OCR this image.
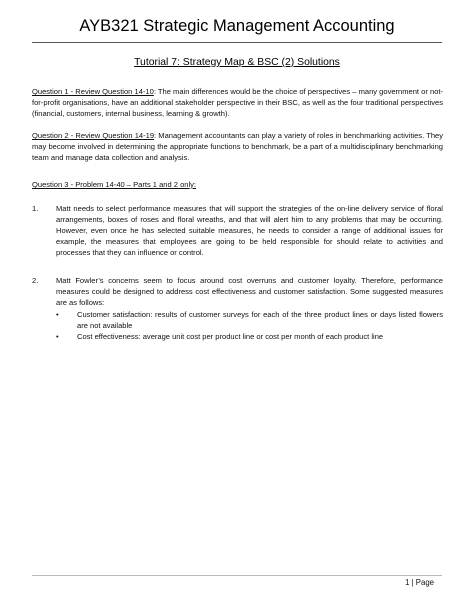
AYB321 Strategic Management Accounting
Tutorial 7: Strategy Map & BSC (2) Solutions
Question 1 - Review Question 14-10: The main differences would be the choice of perspectives – many government or not-for-profit organisations, have an additional stakeholder perspective in their BSC, as well as the four traditional perspectives (financial, customers, internal business, learning & growth).
Question 2 - Review Question 14-19: Management accountants can play a variety of roles in benchmarking activities. They may become involved in determining the appropriate functions to benchmark, be a part of a multidisciplinary benchmarking team and manage data collection and analysis.
Question 3 - Problem 14-40 – Parts 1 and 2 only:
1.	Matt needs to select performance measures that will support the strategies of the on-line delivery service of floral arrangements, boxes of roses and floral wreaths, and that will alert him to any problems that may be occurring. However, even once he has selected suitable measures, he needs to consider a range of additional issues for example, the measures that employees are going to be held responsible for should relate to activities and processes that they can influence or control.
2.	Matt Fowler’s concerns seem to focus around cost overruns and customer loyalty. Therefore, performance measures could be designed to address cost effectiveness and customer satisfaction. Some suggested measures are as follows:
• Customer satisfaction: results of customer surveys for each of the three product lines or days listed flowers are not available
• Cost effectiveness: average unit cost per product line or cost per month of each product line
1 | Page
